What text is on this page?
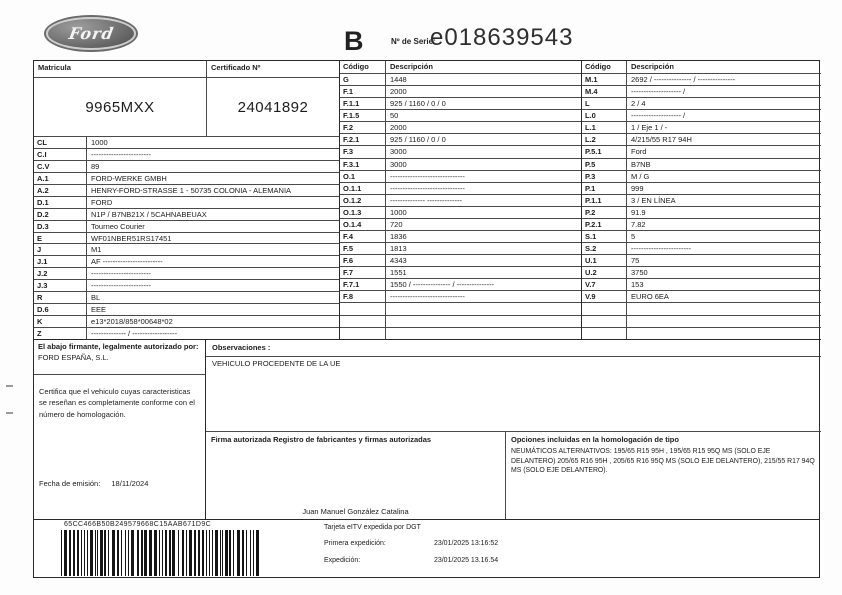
Ford	B	Nº de Serie:
e018639543
Matricula	Certificado Nº
9965MXX	24041892
CL	1000
C.I	------------------------
C.V	89
A.1	FORD-WERKE GMBH
A.2	HENRY-FORD-STRASSE 1 - 50735 COLONIA - ALEMANIA
D.1	FORD
D.2	N1P / B7NB21X / 5CAHNABEUAX
D.3	Tourneo Courier
E	WF01NBER51RS17451
J	M1
J.1	AF ------------------------
J.2	------------------------
J.3	------------------------
R	BL
D.6	EEE
K	e13*2018/858*00648*02
Z	-------------- / ------------------
Código	Descripción
G	1448
F.1	2000
F.1.1	925 / 1160 / 0 / 0
F.1.5	50
F.2	2000
F.2.1	925 / 1160 / 0 / 0
F.3	3000
F.3.1	3000
O.1	------------------------------
O.1.1	------------------------------
O.1.2	-------------- --------------
O.1.3	1000
O.1.4	720
F.4	1836
F.5	1813
F.6	4343
F.7	1551
F.7.1	1550 / --------------- / ---------------
F.8	------------------------------
Código	Descripción
M.1	2692 / --------------- / ---------------
M.4	-------------------- /
L	2 / 4
L.0	-------------------- /
L.1	1 / Eje 1 / -
L.2	4/215/55 R17 94H
P.5.1	Ford
P.5	B7NB
P.3	M / G
P.1	999
P.1.1	3 / EN LÍNEA
P.2	91.9
P.2.1	7.82
S.1	5
S.2	------------------------
U.1	75
U.2	3750
V.7	153
V.9	EURO 6EA
El abajo firmante, legalmente autorizado por: FORD ESPAÑA, S.L.
Certifica que el vehiculo cuyas caracteristicas se reseñan es completamente conforme con el número de homologación.
Fecha de emisión: 18/11/2024
Observaciones :
VEHICULO PROCEDENTE DE LA UE
Firma autorizada Registro de fabricantes y firmas autorizadas
Juan Manuel González Catalina
Opciones incluidas en la homologación de tipo
NEUMÁTICOS ALTERNATIVOS: 195/65 R15 95H , 195/65 R15 95Q MS (SOLO EJE DELANTERO) 205/65 R16 95H , 205/65 R16 95Q MS (SOLO EJE DELANTERO), 215/55 R17 94Q MS (SOLO EJE DELANTERO).
65CC466B50B249579668C15AAB671D9C	Tarjeta eITV expedida por DGT
Primera expedición:	23/01/2025 13:16:52
Expedición:	23/01/2025 13.16.54
